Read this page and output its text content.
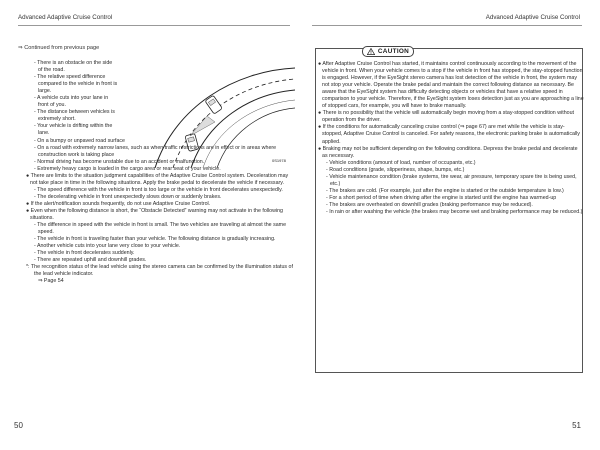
Advanced Adaptive Cruise Control	Advanced Adaptive Cruise Control
⇒ Continued from previous page
0S1978
- There is an obstacle on the side of the road.
- The relative speed difference compared to the vehicle in front is large.
- A vehicle cuts into your lane in front of you.
- The distance between vehicles is extremely short.
- Your vehicle is drifting within the lane.
- On a bumpy or unpaved road surface
- On a road with extremely narrow lanes, such as when traffic restrictions are in effect or in areas where construction work is taking place
- Normal driving has become unstable due to an accident or malfunction.
- Extremely heavy cargo is loaded in the cargo area or rear seat of your vehicle.
● There are limits to the situation judgment capabilities of the Adaptive Cruise Control system. Deceleration may not take place in time in the following situations. Apply the brake pedal to decelerate the vehicle if necessary.
- The speed difference with the vehicle in front is too large or the vehicle in front decelerates unexpectedly.
- The decelerating vehicle in front unexpectedly slows down or suddenly brakes.
● If the alert/notification sounds frequently, do not use Adaptive Cruise Control.
● Even when the following distance is short, the “Obstacle Detected” warning may not activate in the following situations.
- The difference in speed with the vehicle in front is small. The two vehicles are traveling at almost the same speed.
- The vehicle in front is traveling faster than your vehicle. The following distance is gradually increasing.
- Another vehicle cuts into your lane very close to your vehicle.
- The vehicle in front decelerates suddenly.
- There are repeated uphill and downhill grades.
*: The recognition status of the lead vehicle using the stereo camera can be confirmed by the illumination status of the lead vehicle indicator.
⇒ Page 54
CAUTION
● After Adaptive Cruise Control has started, it maintains control continuously according to the movement of the vehicle in front. When your vehicle comes to a stop if the vehicle in front has stopped, the stay-stopped function is engaged. However, if the EyeSight stereo camera has lost detection of the vehicle in front, the system may not stop your vehicle. Operate the brake pedal and maintain the correct following distance as necessary. Be aware that the EyeSight system has difficulty detecting objects or vehicles that have a relative speed in comparison to your vehicle. Therefore, if the EyeSight system loses detection just as you are approaching a line of stopped cars, for example, you will have to brake manually.
● There is no possibility that the vehicle will automatically begin moving from a stay-stopped condition without operation from the driver.
● If the conditions for automatically canceling cruise control (⇒ page 67) are met while the vehicle is stay-stopped, Adaptive Cruise Control is canceled. For safety reasons, the electronic parking brake is automatically applied.
● Braking may not be sufficient depending on the following conditions. Depress the brake pedal and decelerate as necessary.
- Vehicle conditions (amount of load, number of occupants, etc.)
- Road conditions (grade, slipperiness, shape, bumps, etc.)
- Vehicle maintenance condition (brake systems, tire wear, air pressure, temporary spare tire is being used, etc.)
- The brakes are cold. (For example, just after the engine is started or the outside temperature is low.)
- For a short period of time when driving after the engine is started until the engine has warmed-up
- The brakes are overheated on downhill grades (braking performance may be reduced).
- In rain or after washing the vehicle (the brakes may become wet and braking performance may be reduced.)
50	51
